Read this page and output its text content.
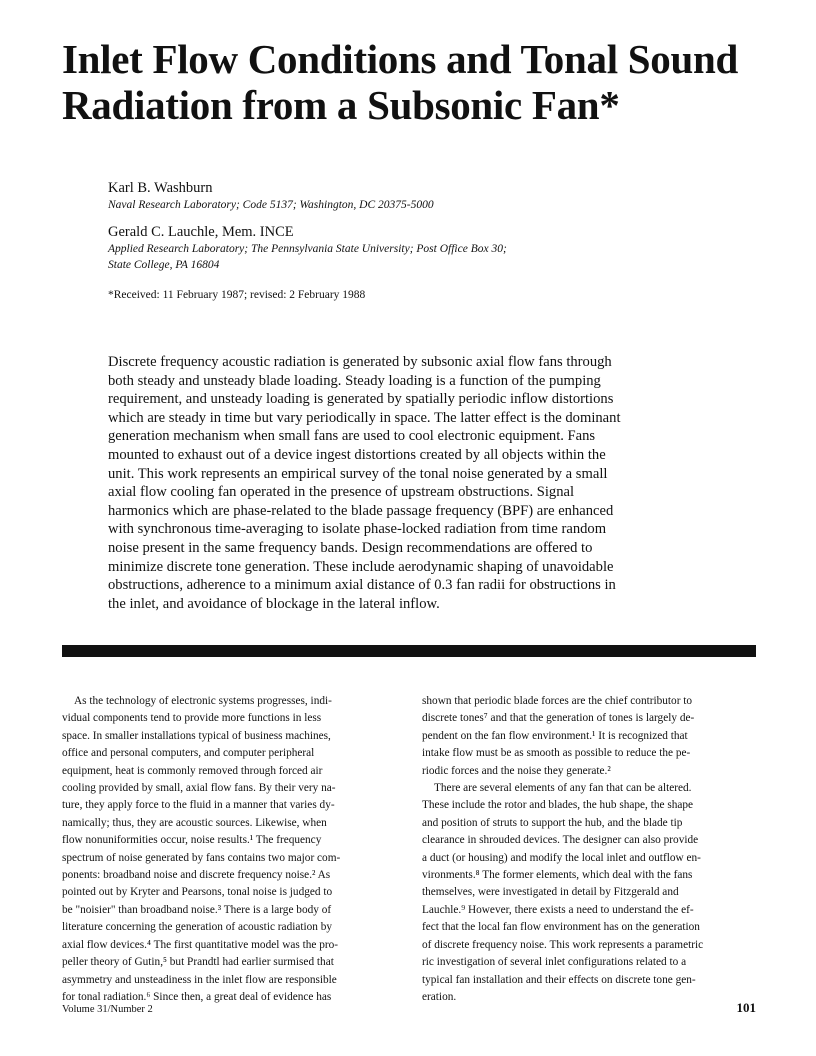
Inlet Flow Conditions and Tonal Sound
Radiation from a Subsonic Fan*
Karl B. Washburn
Naval Research Laboratory; Code 5137; Washington, DC 20375-5000
Gerald C. Lauchle, Mem. INCE
Applied Research Laboratory; The Pennsylvania State University; Post Office Box 30;
State College, PA 16804
*Received: 11 February 1987; revised: 2 February 1988

Discrete frequency acoustic radiation is generated by subsonic axial flow fans through
both steady and unsteady blade loading. Steady loading is a function of the pumping
requirement, and unsteady loading is generated by spatially periodic inflow distortions
which are steady in time but vary periodically in space. The latter effect is the dominant
generation mechanism when small fans are used to cool electronic equipment. Fans
mounted to exhaust out of a device ingest distortions created by all objects within the
unit. This work represents an empirical survey of the tonal noise generated by a small
axial flow cooling fan operated in the presence of upstream obstructions. Signal
harmonics which are phase-related to the blade passage frequency (BPF) are enhanced
with synchronous time-averaging to isolate phase-locked radiation from time random
noise present in the same frequency bands. Design recommendations are offered to
minimize discrete tone generation. These include aerodynamic shaping of unavoidable
obstructions, adherence to a minimum axial distance of 0.3 fan radii for obstructions in
the inlet, and avoidance of blockage in the lateral inflow.

As the technology of electronic systems progresses, indi-
vidual components tend to provide more functions in less
space. In smaller installations typical of business machines,
office and personal computers, and computer peripheral
equipment, heat is commonly removed through forced air
cooling provided by small, axial flow fans. By their very na-
ture, they apply force to the fluid in a manner that varies dy-
namically; thus, they are acoustic sources. Likewise, when
flow nonuniformities occur, noise results.¹ The frequency
spectrum of noise generated by fans contains two major com-
ponents: broadband noise and discrete frequency noise.² As
pointed out by Kryter and Pearsons, tonal noise is judged to
be "noisier" than broadband noise.³ There is a large body of
literature concerning the generation of acoustic radiation by
axial flow devices.⁴ The first quantitative model was the pro-
peller theory of Gutin,⁵ but Prandtl had earlier surmised that
asymmetry and unsteadiness in the inlet flow are responsible
for tonal radiation.⁶ Since then, a great deal of evidence has

shown that periodic blade forces are the chief contributor to
discrete tones⁷ and that the generation of tones is largely de-
pendent on the fan flow environment.¹ It is recognized that
intake flow must be as smooth as possible to reduce the pe-
riodic forces and the noise they generate.²
There are several elements of any fan that can be altered.
These include the rotor and blades, the hub shape, the shape
and position of struts to support the hub, and the blade tip
clearance in shrouded devices. The designer can also provide
a duct (or housing) and modify the local inlet and outflow en-
vironments.⁸ The former elements, which deal with the fans
themselves, were investigated in detail by Fitzgerald and
Lauchle.⁹ However, there exists a need to understand the ef-
fect that the local fan flow environment has on the generation
of discrete frequency noise. This work represents a parametric
ric investigation of several inlet configurations related to a
typical fan installation and their effects on discrete tone gen-
eration.

Volume 31/Number 2	101
